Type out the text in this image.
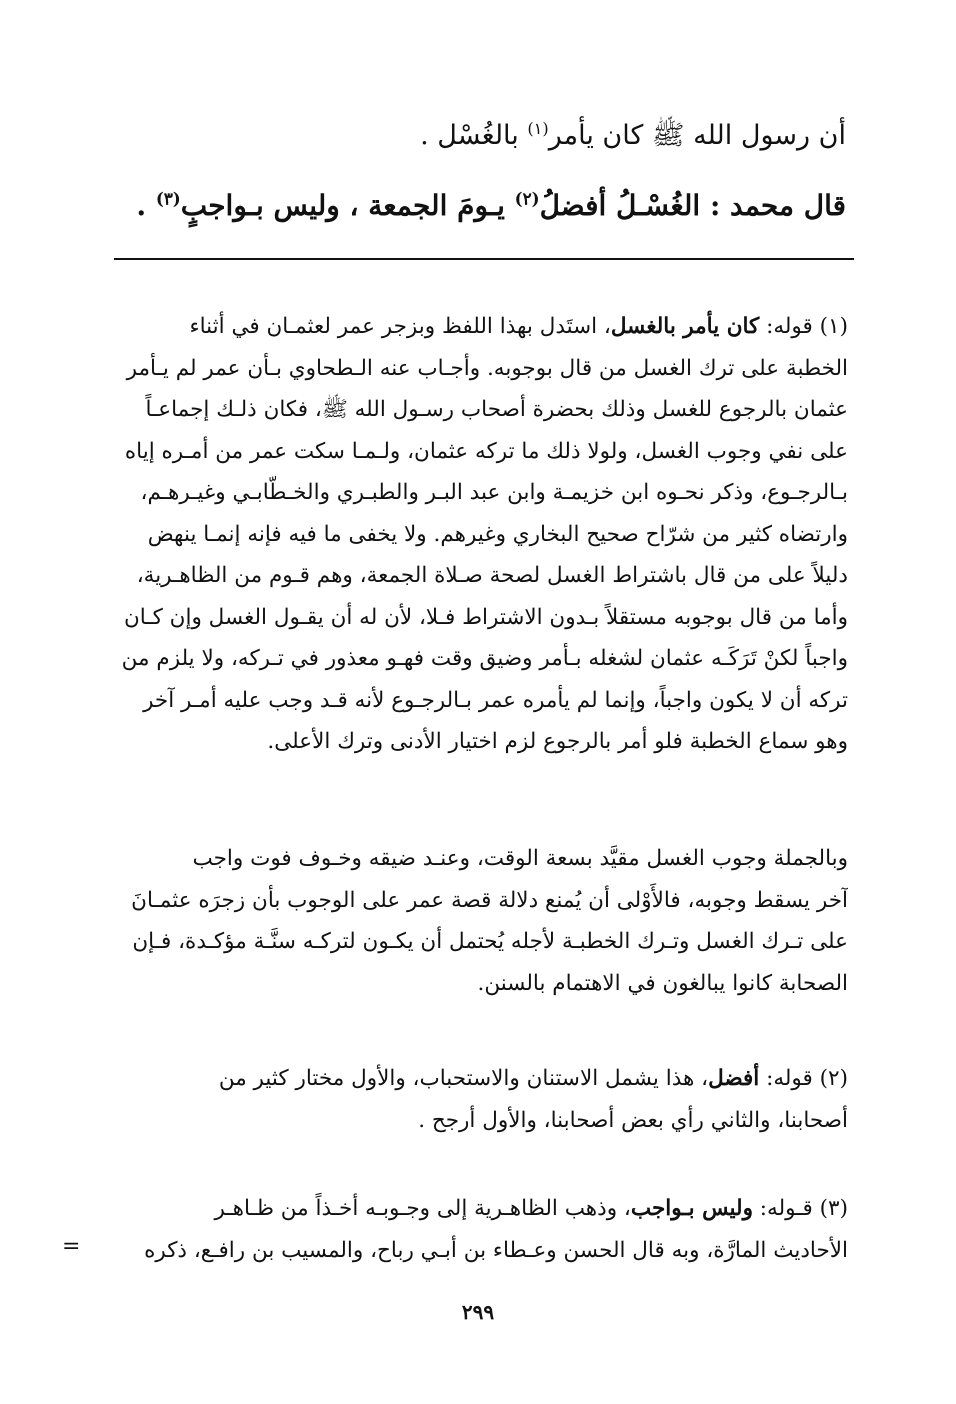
أن رسول الله ﷺ كان يأمر$^{(١)}$ بالغُسْل .
قال محمد : الغُسْـلُ أفضلُ$^{(٢)}$ يـومَ الجمعة ، وليس بـواجبٍ$^{(٣)}$ .
(١) قوله: كان يأمر بالغسل، استَدل بهذا اللفظ وبزجر عمر لعثمـان في أثناء
الخطبة على ترك الغسل من قال بوجوبه. وأجـاب عنه الـطحاوي بـأن عمر لم يـأمر
عثمان بالرجوع للغسل وذلك بحضرة أصحاب رسـول الله ﷺ، فكان ذلـك إجماعـاً
على نفي وجوب الغسل، ولولا ذلك ما تركه عثمان، ولـمـا سكت عمر من أمـره إياه
بـالرجـوع، وذكر نحـوه ابن خزيمـة وابن عبد البـر والطبـري والخـطّابـي وغيـرهـم،
وارتضاه كثير من شرّاح صحيح البخاري وغيرهم. ولا يخفى ما فيه فإنه إنمـا ينهض
دليلاً على من قال باشتراط الغسل لصحة صـلاة الجمعة، وهم قـوم من الظاهـرية،
وأما من قال بوجوبه مستقلاً بـدون الاشتراط فـلا، لأن له أن يقـول الغسل وإن كـان
واجباً لكنْ تَرَكَـه عثمان لشغله بـأمر وضيق وقت فهـو معذور في تـركه، ولا يلزم من
تركه أن لا يكون واجباً، وإنما لم يأمره عمر بـالرجـوع لأنه قـد وجب عليه أمـر آخر
وهو سماع الخطبة فلو أمر بالرجوع لزم اختيار الأدنى وترك الأعلى.
وبالجملة وجوب الغسل مقيَّد بسعة الوقت، وعنـد ضيقه وخـوف فوت واجب
آخر يسقط وجوبه، فالأَوْلى أن يُمنع دلالة قصة عمر على الوجوب بأن زجرَه عثمـانَ
على تـرك الغسل وتـرك الخطبـة لأجله يُحتمل أن يكـون لتركـه سنَّـة مؤكـدة، فـإن
الصحابة كانوا يبالغون في الاهتمام بالسنن.
(٢) قوله: أفضل، هذا يشمل الاستنان والاستحباب، والأول مختار كثير من
أصحابنا، والثاني رأي بعض أصحابنا، والأول أرجح .
(٣) قـوله: وليس بـواجب، وذهب الظاهـرية إلى وجـوبـه أخـذاً من ظـاهـر
الأحاديث المارَّة، وبه قال الحسن وعـطاء بن أبـي رباح، والمسيب بن رافـع، ذكره
=
٢٩٩
